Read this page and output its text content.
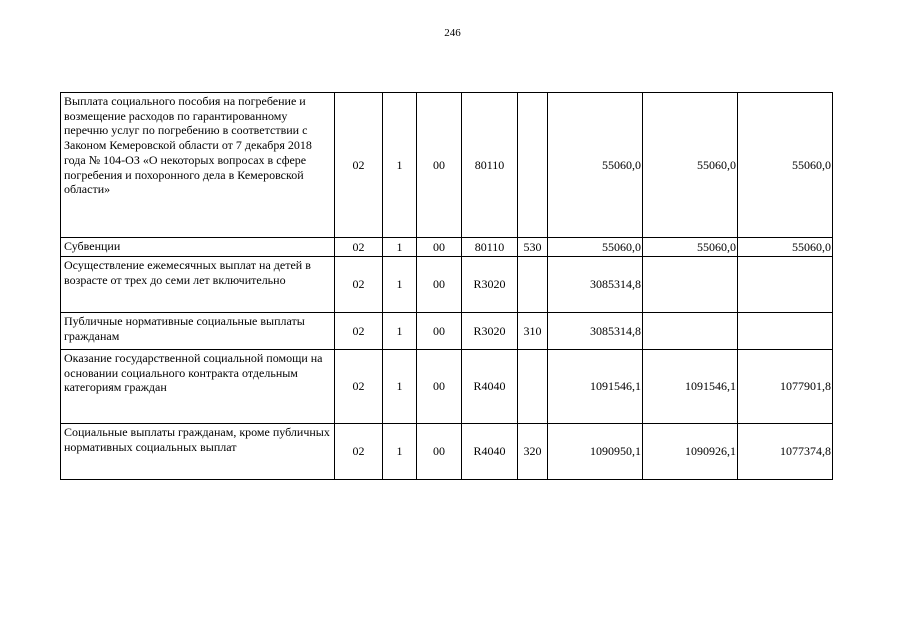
246
Выплата социального пособия на погребение и возмещение расходов по гарантированному перечню услуг по погребению в соответствии с Законом Кемеровской области от 7 декабря 2018 года № 104-ОЗ «О некоторых вопросах в сфере погребения и похоронного дела в Кемеровской области»	02	1	00	80110		55060,0	55060,0	55060,0
Субвенции	02	1	00	80110	530	55060,0	55060,0	55060,0
Осуществление ежемесячных выплат на детей в возрасте от трех до семи лет включительно	02	1	00	R3020		3085314,8		
Публичные нормативные социальные выплаты гражданам	02	1	00	R3020	310	3085314,8		
Оказание государственной социальной помощи на основании социального контракта отдельным категориям граждан	02	1	00	R4040		1091546,1	1091546,1	1077901,8
Социальные выплаты гражданам, кроме публичных нормативных социальных выплат	02	1	00	R4040	320	1090950,1	1090926,1	1077374,8
